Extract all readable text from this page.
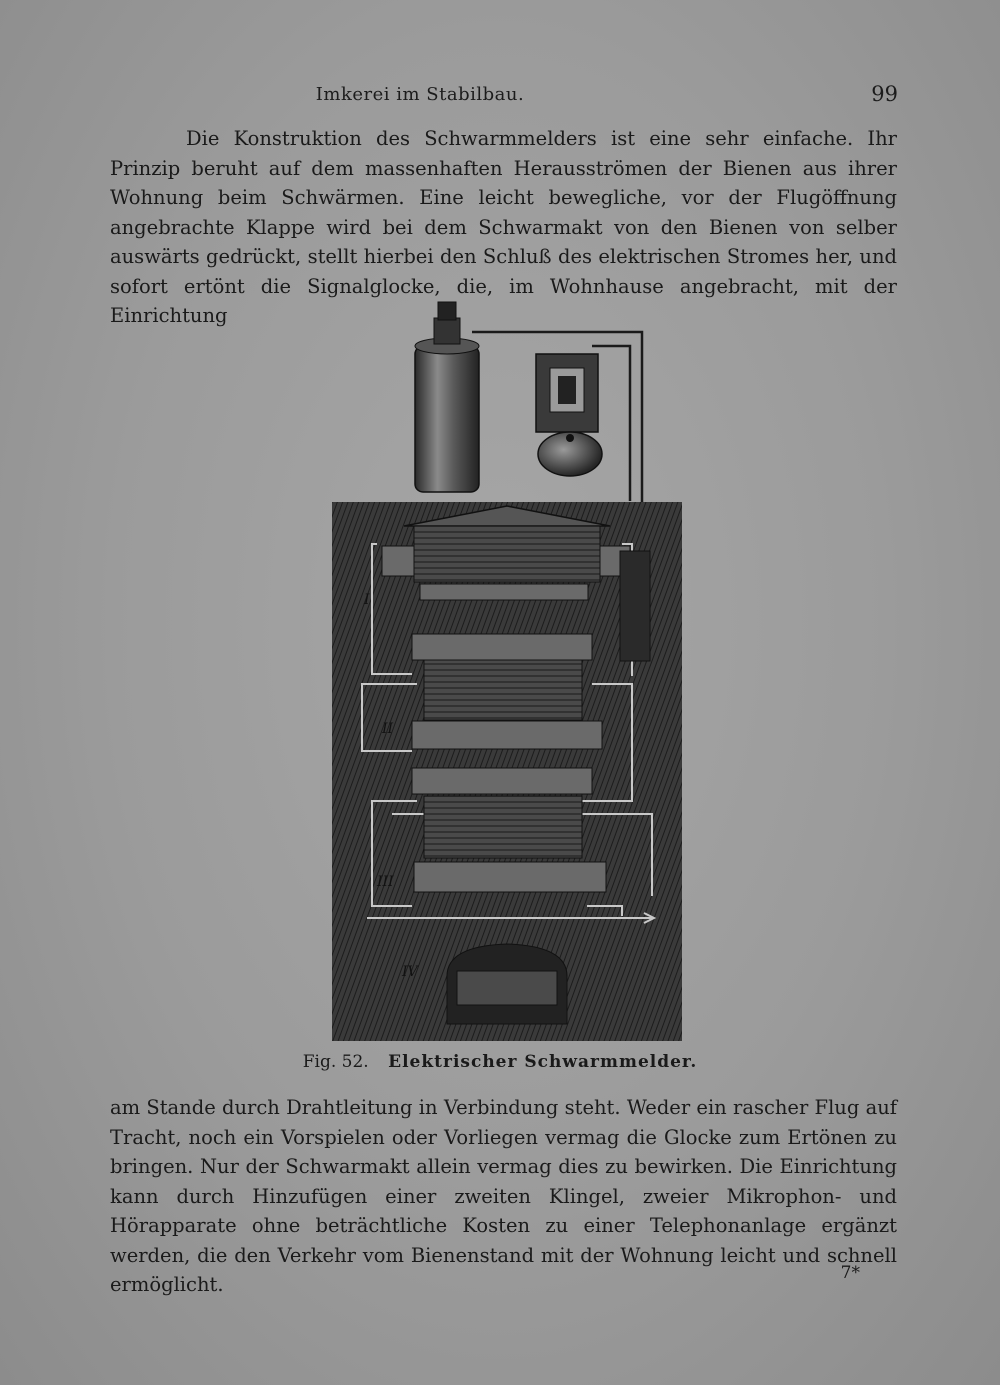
Imkerei im Stabilbau.	99

Die Konstruktion des Schwarmmelders ist eine sehr einfache. Ihr Prinzip beruht auf dem massenhaften Herausströmen der Bienen aus ihrer Wohnung beim Schwärmen. Eine leicht bewegliche, vor der Flugöffnung angebrachte Klappe wird bei dem Schwarmakt von den Bienen von selber auswärts gedrückt, stellt hierbei den Schluß des elektrischen Stromes her, und sofort ertönt die Signalglocke, die, im Wohnhause angebracht, mit der Einrichtung

I
II
III
IV
Fig. 52. Elektrischer Schwarmmelder.

am Stande durch Drahtleitung in Verbindung steht. Weder ein rascher Flug auf Tracht, noch ein Vorspielen oder Vorliegen vermag die Glocke zum Ertönen zu bringen. Nur der Schwarmakt allein vermag dies zu bewirken. Die Einrichtung kann durch Hinzufügen einer zweiten Klingel, zweier Mikrophon- und Hörapparate ohne beträchtliche Kosten zu einer Telephonanlage ergänzt werden, die den Verkehr vom Bienenstand mit der Wohnung leicht und schnell ermöglicht.	7*
